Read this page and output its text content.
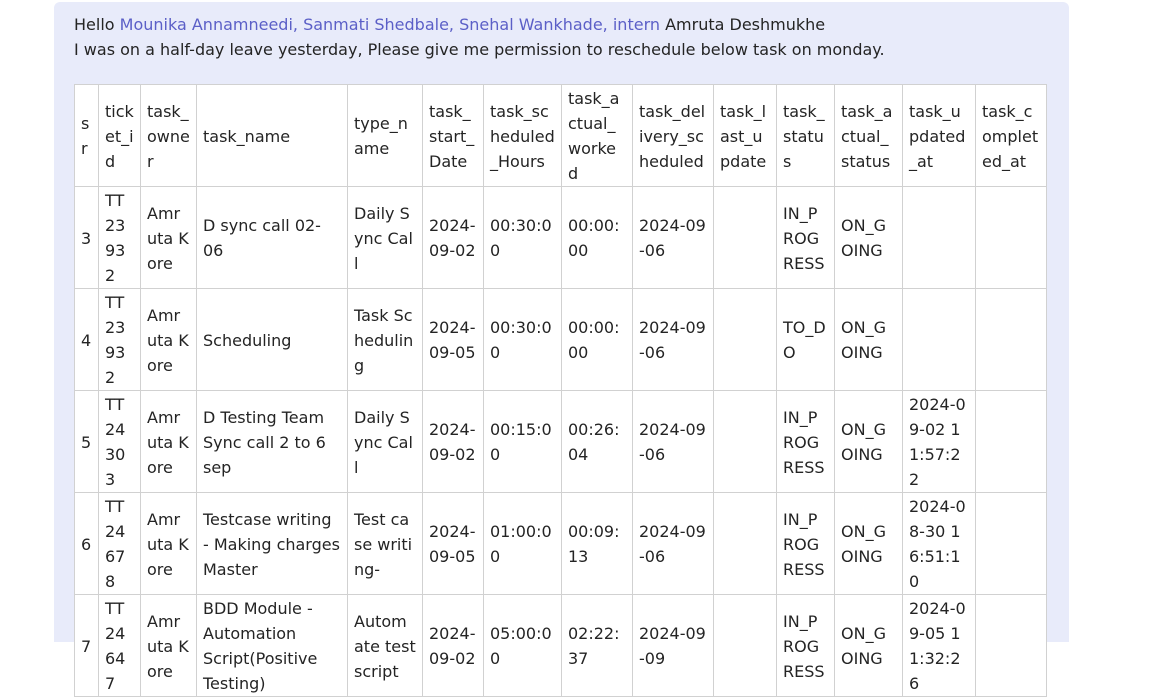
Hello Mounika Annamneedi, Sanmati Shedbale, Snehal Wankhade, intern Amruta Deshmukhe
I was on a half-day leave yesterday, Please give me permission to reschedule below task on monday.
sr	ticket_id	task_owner	task_name	type_name	task_start_Date	task_scheduled_Hours	task_actual_worked	task_delivery_scheduled	task_last_update	task_status	task_actual_status	task_updated_at	task_completed_at
3	TT23932	Amruta Kore	D sync call 02-06	Daily Sync Call	2024-09-02	00:30:00	00:00:00	2024-09-06		IN_PROGRESS	ON_GOING		
4	TT23932	Amruta Kore	Scheduling	Task Scheduling	2024-09-05	00:30:00	00:00:00	2024-09-06		TO_DO	ON_GOING		
5	TT24303	Amruta Kore	D Testing Team Sync call 2 to 6 sep	Daily Sync Call	2024-09-02	00:15:00	00:26:04	2024-09-06		IN_PROGRESS	ON_GOING	2024-09-02 11:57:22	
6	TT24678	Amruta Kore	Testcase writing - Making charges Master	Test case writing-	2024-09-05	01:00:00	00:09:13	2024-09-06		IN_PROGRESS	ON_GOING	2024-08-30 16:51:10	
7	TT24647	Amruta Kore	BDD Module - Automation Script(Positive Testing)	Automate test script	2024-09-02	05:00:00	02:22:37	2024-09-09		IN_PROGRESS	ON_GOING	2024-09-05 11:32:26	
